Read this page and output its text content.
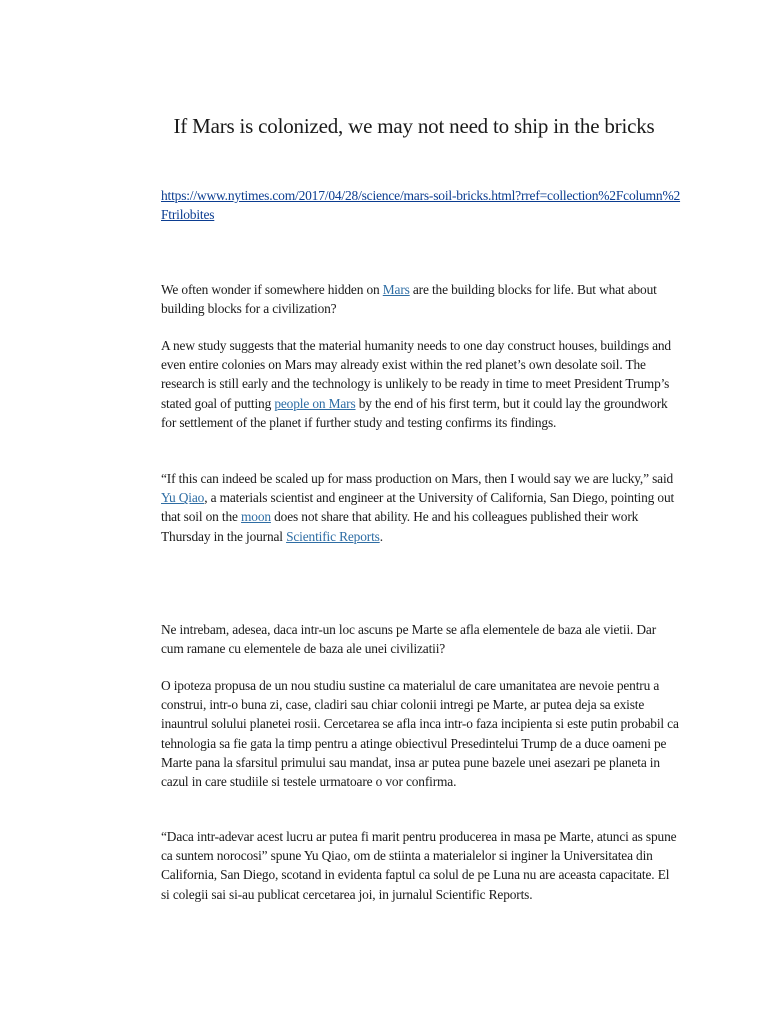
If Mars is colonized, we may not need to ship in the bricks
https://www.nytimes.com/2017/04/28/science/mars-soil-bricks.html?rref=collection%2Fcolumn%2Ftrilobites

We often wonder if somewhere hidden on Mars are the building blocks for life. But what about building blocks for a civilization?

A new study suggests that the material humanity needs to one day construct houses, buildings and even entire colonies on Mars may already exist within the red planet’s own desolate soil. The research is still early and the technology is unlikely to be ready in time to meet President Trump’s stated goal of putting people on Mars by the end of his first term, but it could lay the groundwork for settlement of the planet if further study and testing confirms its findings.

“If this can indeed be scaled up for mass production on Mars, then I would say we are lucky,” said Yu Qiao, a materials scientist and engineer at the University of California, San Diego, pointing out that soil on the moon does not share that ability. He and his colleagues published their work Thursday in the journal Scientific Reports.

Ne intrebam, adesea, daca intr-un loc ascuns pe Marte se afla elementele de baza ale vietii. Dar cum ramane cu elementele de baza ale unei civilizatii?

O ipoteza propusa de un nou studiu sustine ca materialul de care umanitatea are nevoie pentru a construi, intr-o buna zi, case, cladiri sau chiar colonii intregi pe Marte, ar putea deja sa existe inauntrul solului planetei rosii. Cercetarea se afla inca intr-o faza incipienta si este putin probabil ca tehnologia sa fie gata la timp pentru a atinge obiectivul Presedintelui Trump de a duce oameni pe Marte pana la sfarsitul primului sau mandat, insa ar putea pune bazele unei asezari pe planeta in cazul in care studiile si testele urmatoare o vor confirma.

“Daca intr-adevar acest lucru ar putea fi marit pentru producerea in masa pe Marte, atunci as spune ca suntem norocosi” spune Yu Qiao, om de stiinta a materialelor si inginer la Universitatea din California, San Diego, scotand in evidenta faptul ca solul de pe Luna nu are aceasta capacitate. El si colegii sai si-au publicat cercetarea joi, in jurnalul Scientific Reports.
